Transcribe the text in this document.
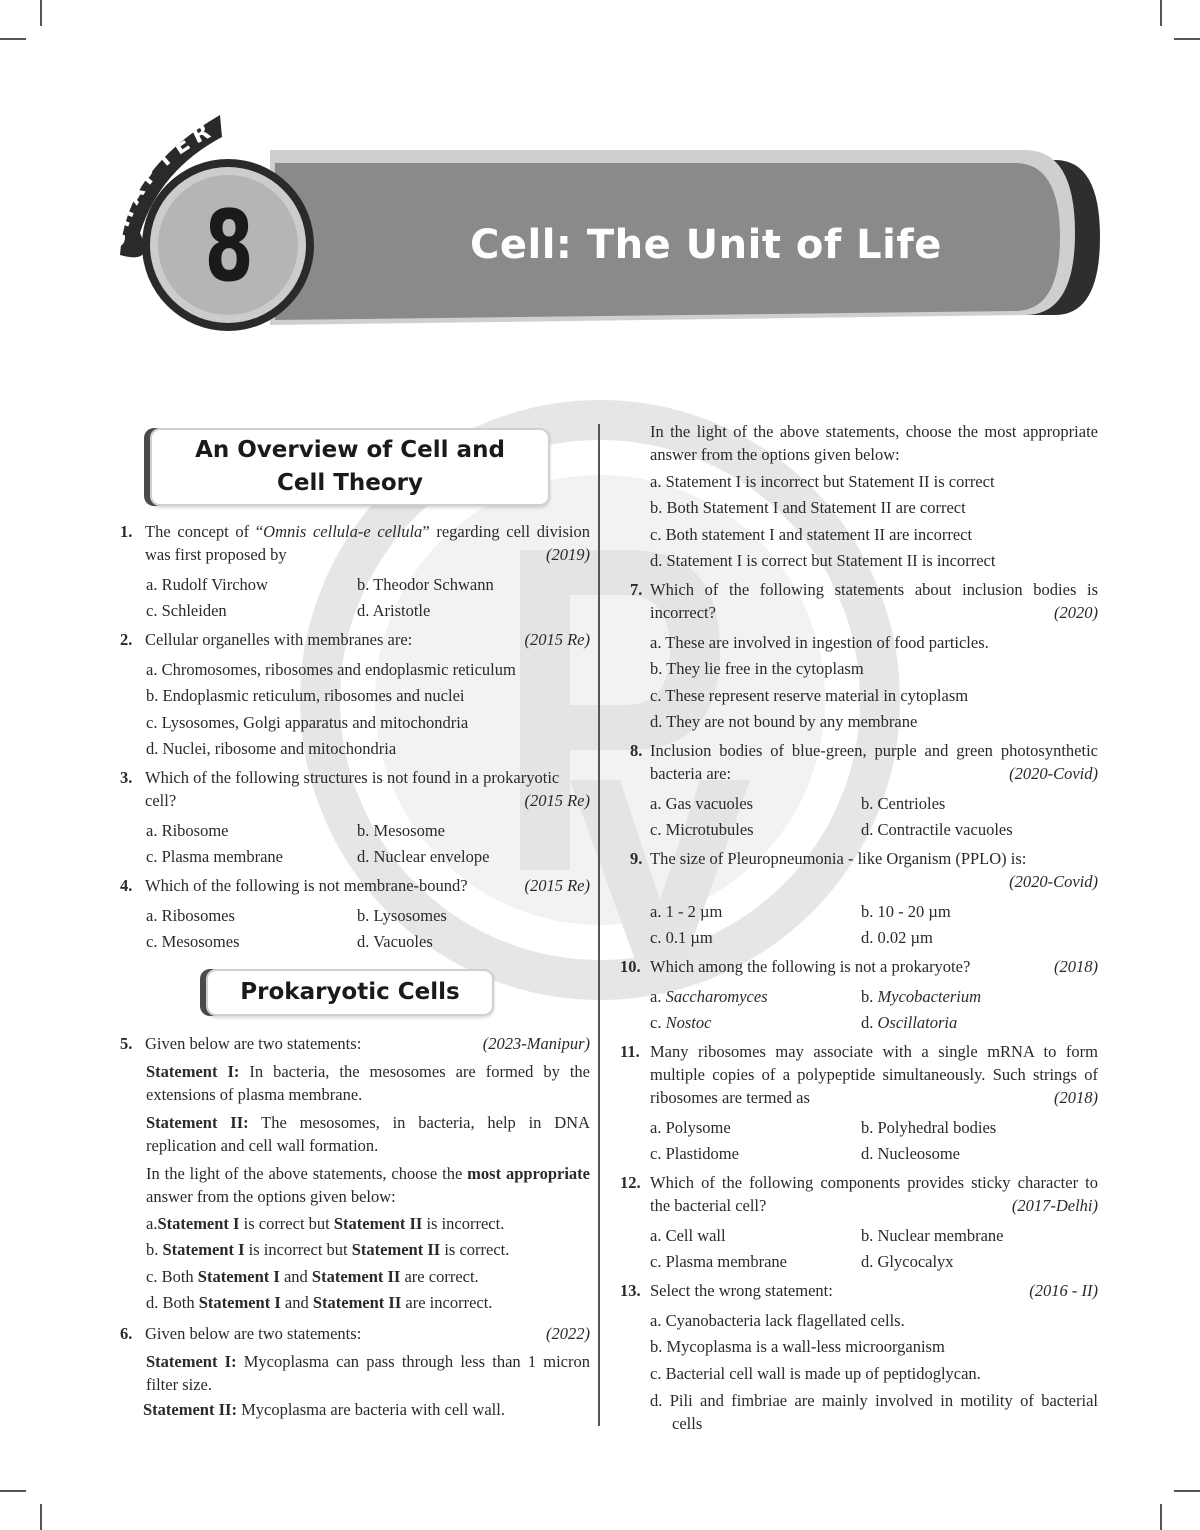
CHAPTER
8	Cell: The Unit of Life
An Overview of Cell and
Cell Theory
1. The concept of “Omnis cellula-e cellula” regarding cell division was first proposed by	(2019)
a. Rudolf Virchow	b. Theodor Schwann
c. Schleiden	d. Aristotle
2. Cellular organelles with membranes are:	(2015 Re)
a. Chromosomes, ribosomes and endoplasmic reticulum
b. Endoplasmic reticulum, ribosomes and nuclei
c. Lysosomes, Golgi apparatus and mitochondria
d. Nuclei, ribosome and mitochondria
3. Which of the following structures is not found in a prokaryotic cell?	(2015 Re)
a. Ribosome	b. Mesosome
c. Plasma membrane	d. Nuclear envelope
4. Which of the following is not membrane-bound?	(2015 Re)
a. Ribosomes	b. Lysosomes
c. Mesosomes	d. Vacuoles
Prokaryotic Cells
5. Given below are two statements:	(2023-Manipur)
Statement I: In bacteria, the mesosomes are formed by the extensions of plasma membrane.
Statement II: The mesosomes, in bacteria, help in DNA replication and cell wall formation.
In the light of the above statements, choose the most appropriate answer from the options given below:
a. Statement I is correct but Statement II is incorrect.
b. Statement I is incorrect but Statement II is correct.
c. Both Statement I and Statement II are correct.
d. Both Statement I and Statement II are incorrect.
6. Given below are two statements:	(2022)
Statement I: Mycoplasma can pass through less than 1 micron filter size.
Statement II: Mycoplasma are bacteria with cell wall.
In the light of the above statements, choose the most appropriate answer from the options given below:
a. Statement I is incorrect but Statement II is correct
b. Both Statement I and Statement II are correct
c. Both statement I and statement II are incorrect
d. Statement I is correct but Statement II is incorrect
7. Which of the following statements about inclusion bodies is incorrect?	(2020)
a. These are involved in ingestion of food particles.
b. They lie free in the cytoplasm
c. These represent reserve material in cytoplasm
d. They are not bound by any membrane
8. Inclusion bodies of blue-green, purple and green photosynthetic bacteria are:	(2020-Covid)
a. Gas vacuoles	b. Centrioles
c. Microtubules	d. Contractile vacuoles
9. The size of Pleuropneumonia - like Organism (PPLO) is:
(2020-Covid)
a. 1 - 2 µm	b. 10 - 20 µm
c. 0.1 µm	d. 0.02 µm
10. Which among the following is not a prokaryote?	(2018)
a. Saccharomyces	b. Mycobacterium
c. Nostoc	d. Oscillatoria
11. Many ribosomes may associate with a single mRNA to form multiple copies of a polypeptide simultaneously. Such strings of ribosomes are termed as	(2018)
a. Polysome	b. Polyhedral bodies
c. Plastidome	d. Nucleosome
12. Which of the following components provides sticky character to the bacterial cell?	(2017-Delhi)
a. Cell wall	b. Nuclear membrane
c. Plasma membrane	d. Glycocalyx
13. Select the wrong statement:	(2016 - II)
a. Cyanobacteria lack flagellated cells.
b. Mycoplasma is a wall-less microorganism
c. Bacterial cell wall is made up of peptidoglycan.
d. Pili and fimbriae are mainly involved in motility of bacterial cells
